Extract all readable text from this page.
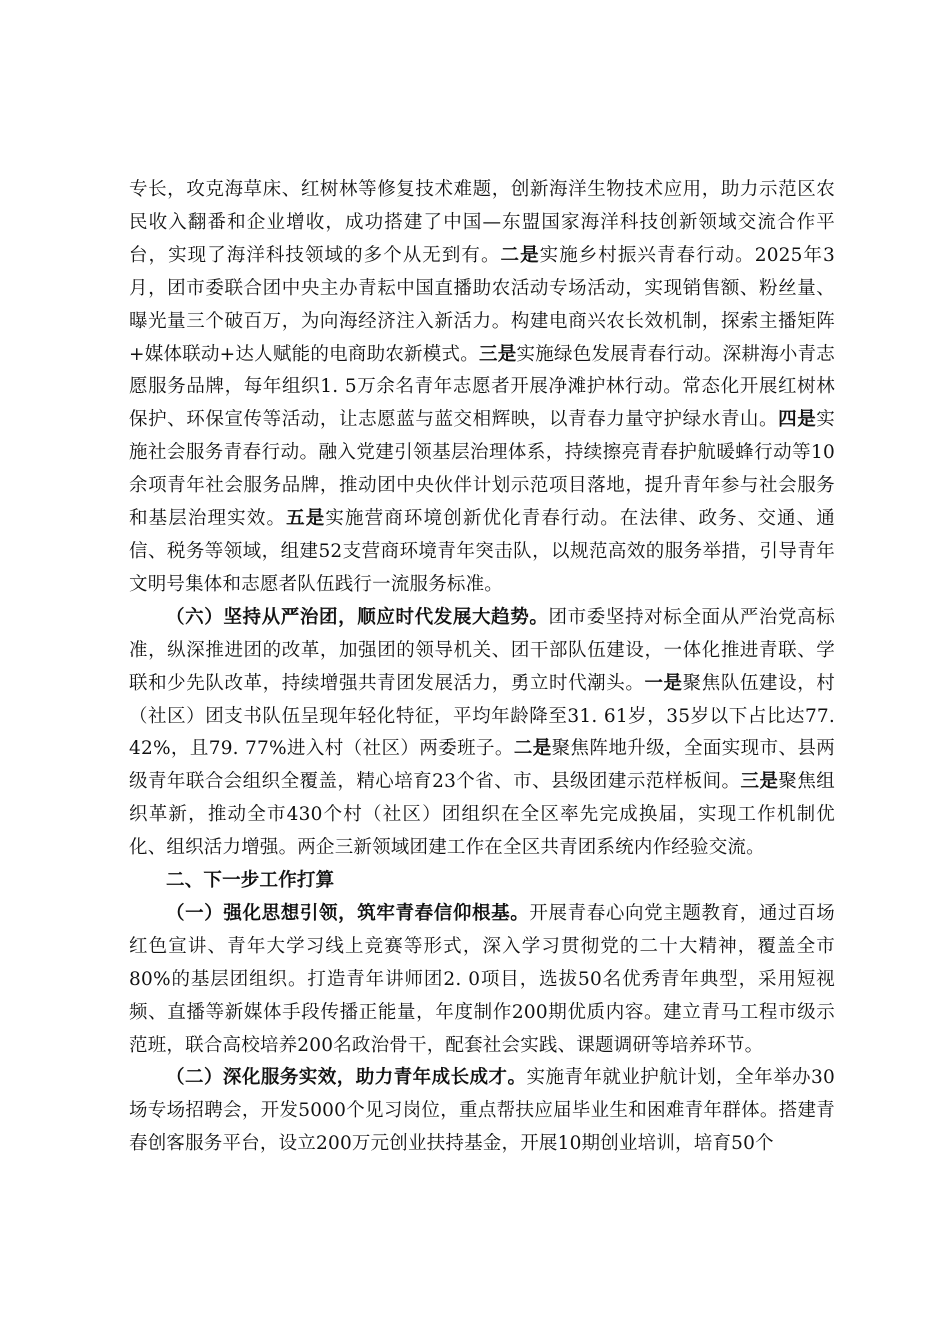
专长，攻克海草床、红树林等修复技术难题，创新海洋生物技术应用，助力示范区农民收入翻番和企业增收，成功搭建了中国—东盟国家海洋科技创新领域交流合作平台，实现了海洋科技领域的多个从无到有。二是实施乡村振兴青春行动。2025年3月，团市委联合团中央主办青耘中国直播助农活动专场活动，实现销售额、粉丝量、曝光量三个破百万，为向海经济注入新活力。构建电商兴农长效机制，探索主播矩阵+媒体联动+达人赋能的电商助农新模式。三是实施绿色发展青春行动。深耕海小青志愿服务品牌，每年组织1. 5万余名青年志愿者开展净滩护林行动。常态化开展红树林保护、环保宣传等活动，让志愿蓝与蓝交相辉映，以青春力量守护绿水青山。四是实施社会服务青春行动。融入党建引领基层治理体系，持续擦亮青春护航暖蜂行动等10余项青年社会服务品牌，推动团中央伙伴计划示范项目落地，提升青年参与社会服务和基层治理实效。五是实施营商环境创新优化青春行动。在法律、政务、交通、通信、税务等领域，组建52支营商环境青年突击队，以规范高效的服务举措，引导青年文明号集体和志愿者队伍践行一流服务标准。

（六）坚持从严治团，顺应时代发展大趋势。团市委坚持对标全面从严治党高标准，纵深推进团的改革，加强团的领导机关、团干部队伍建设，一体化推进青联、学联和少先队改革，持续增强共青团发展活力，勇立时代潮头。一是聚焦队伍建设，村（社区）团支书队伍呈现年轻化特征，平均年龄降至31. 61岁，35岁以下占比达77. 42%，且79. 77%进入村（社区）两委班子。二是聚焦阵地升级，全面实现市、县两级青年联合会组织全覆盖，精心培育23个省、市、县级团建示范样板间。三是聚焦组织革新，推动全市430个村（社区）团组织在全区率先完成换届，实现工作机制优化、组织活力增强。两企三新领域团建工作在全区共青团系统内作经验交流。

二、下一步工作打算

（一）强化思想引领，筑牢青春信仰根基。开展青春心向党主题教育，通过百场红色宣讲、青年大学习线上竞赛等形式，深入学习贯彻党的二十大精神，覆盖全市80%的基层团组织。打造青年讲师团2. 0项目，选拔50名优秀青年典型，采用短视频、直播等新媒体手段传播正能量，年度制作200期优质内容。建立青马工程市级示范班，联合高校培养200名政治骨干，配套社会实践、课题调研等培养环节。

（二）深化服务实效，助力青年成长成才。实施青年就业护航计划，全年举办30场专场招聘会，开发5000个见习岗位，重点帮扶应届毕业生和困难青年群体。搭建青春创客服务平台，设立200万元创业扶持基金，开展10期创业培训，培育50个
